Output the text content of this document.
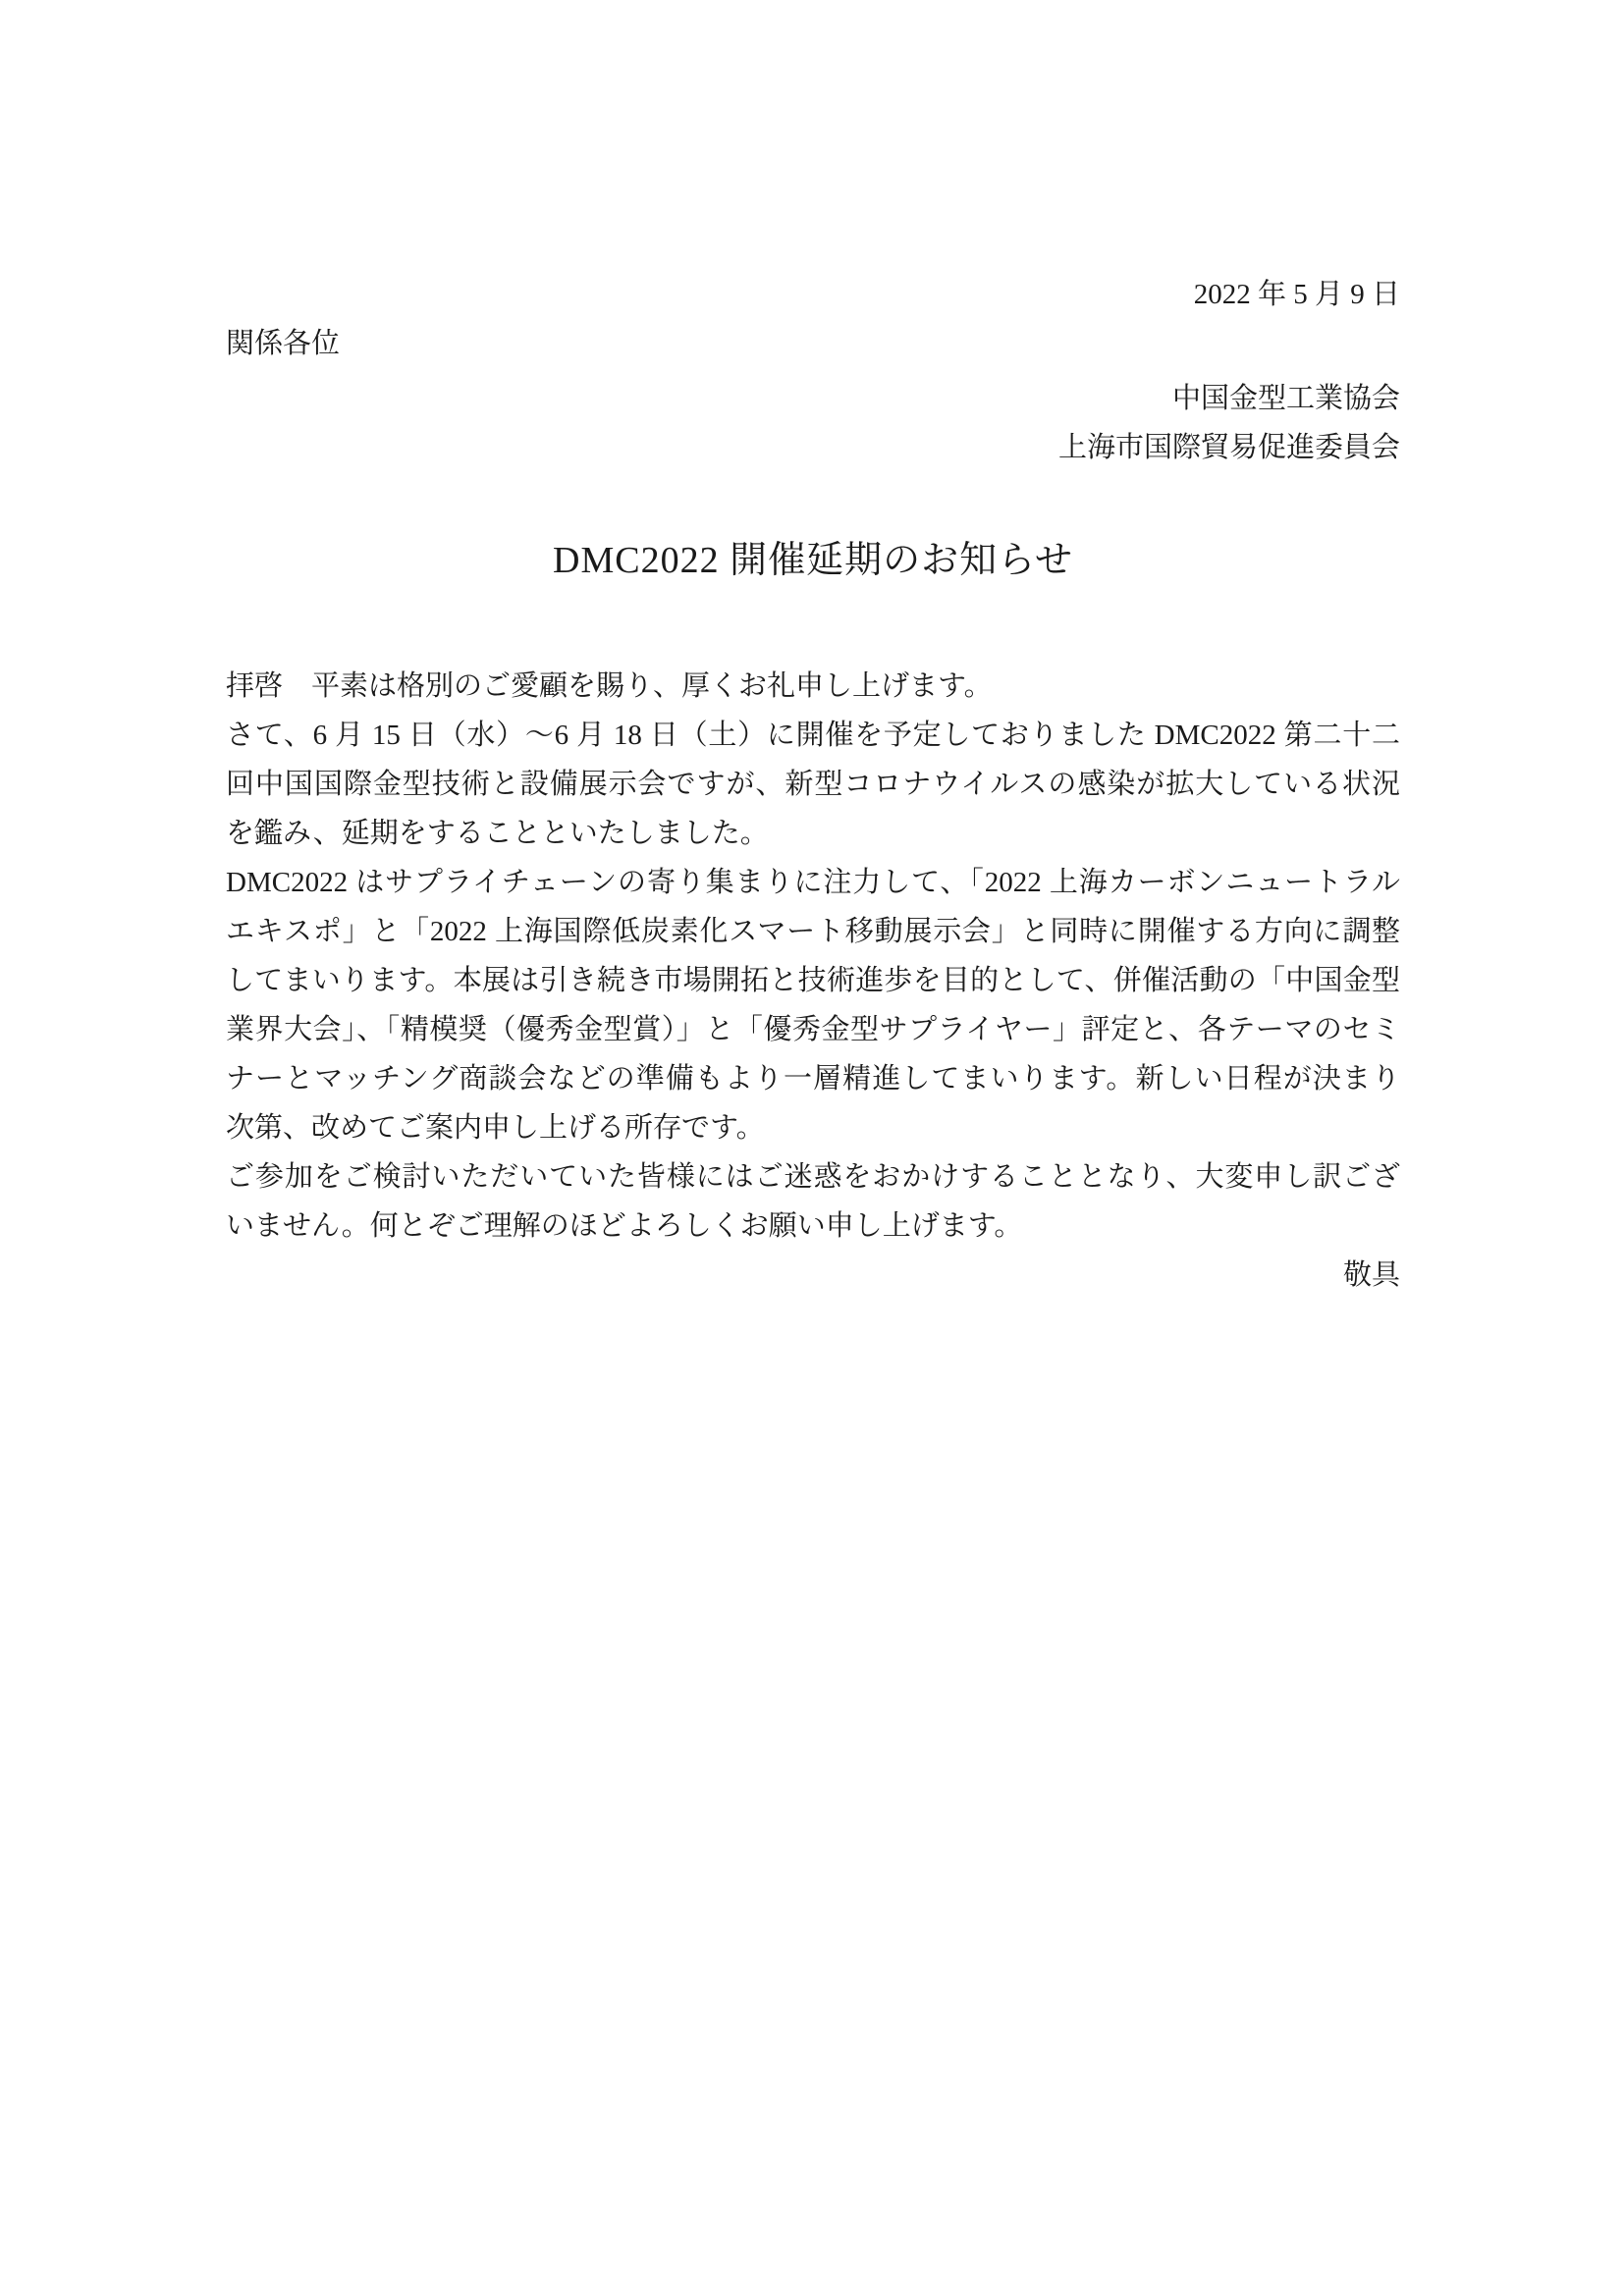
2022 年 5 月 9 日
関係各位
中国金型工業協会
上海市国際貿易促進委員会
DMC2022 開催延期のお知らせ
拝啓　平素は格別のご愛顧を賜り、厚くお礼申し上げます。
さて、6 月 15 日（水）～6 月 18 日（土）に開催を予定しておりました DMC2022 第二十二
回中国国際金型技術と設備展示会ですが、新型コロナウイルスの感染が拡大している状況
を鑑み、延期をすることといたしました。
DMC2022 はサプライチェーンの寄り集まりに注力して、「2022 上海カーボンニュートラル
エキスポ」と「2022 上海国際低炭素化スマート移動展示会」と同時に開催する方向に調整
してまいります。本展は引き続き市場開拓と技術進歩を目的として、併催活動の「中国金型
業界大会」、「精模奨（優秀金型賞）」と「優秀金型サプライヤー」評定と、各テーマのセミ
ナーとマッチング商談会などの準備もより一層精進してまいります。新しい日程が決まり
次第、改めてご案内申し上げる所存です。
ご参加をご検討いただいていた皆様にはご迷惑をおかけすることとなり、大変申し訳ござ
いません。何とぞご理解のほどよろしくお願い申し上げます。
敬具
